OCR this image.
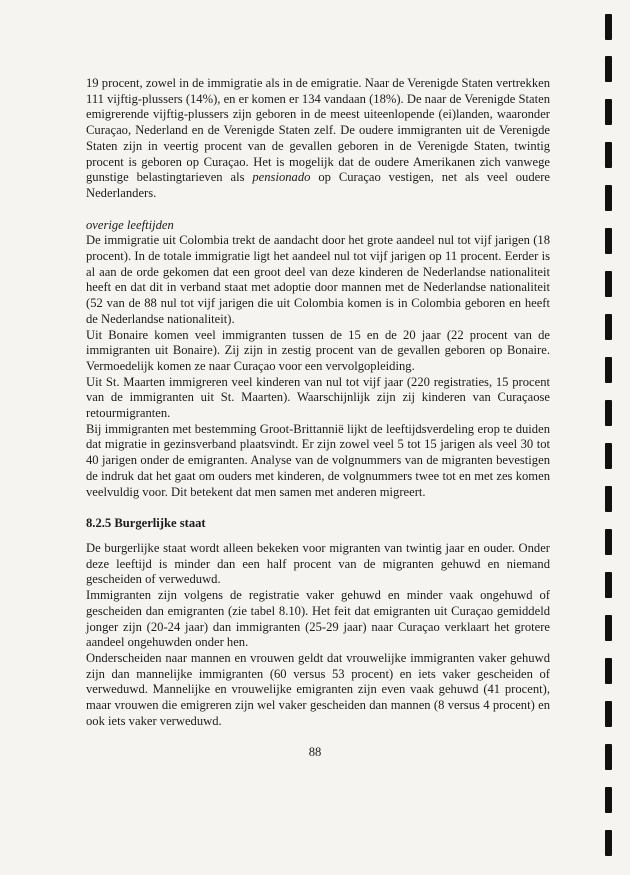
19 procent, zowel in de immigratie als in de emigratie. Naar de Verenigde Staten vertrekken 111 vijftig-plussers (14%), en er komen er 134 vandaan (18%). De naar de Verenigde Staten emigrerende vijftig-plussers zijn geboren in de meest uiteenlopende (ei)landen, waaronder Curaçao, Nederland en de Verenigde Staten zelf. De oudere immigranten uit de Verenigde Staten zijn in veertig procent van de gevallen geboren in de Verenigde Staten, twintig procent is geboren op Curaçao. Het is mogelijk dat de oudere Amerikanen zich vanwege gunstige belastingtarieven als pensionado op Curaçao vestigen, net als veel oudere Nederlanders.

overige leeftijden

De immigratie uit Colombia trekt de aandacht door het grote aandeel nul tot vijf jarigen (18 procent). In de totale immigratie ligt het aandeel nul tot vijf jarigen op 11 procent. Eerder is al aan de orde gekomen dat een groot deel van deze kinderen de Nederlandse nationaliteit heeft en dat dit in verband staat met adoptie door mannen met de Nederlandse nationaliteit (52 van de 88 nul tot vijf jarigen die uit Colombia komen is in Colombia geboren en heeft de Nederlandse nationaliteit).

Uit Bonaire komen veel immigranten tussen de 15 en de 20 jaar (22 procent van de immigranten uit Bonaire). Zij zijn in zestig procent van de gevallen geboren op Bonaire. Vermoedelijk komen ze naar Curaçao voor een vervolgopleiding.

Uit St. Maarten immigreren veel kinderen van nul tot vijf jaar (220 registraties, 15 procent van de immigranten uit St. Maarten). Waarschijnlijk zijn zij kinderen van Curaçaose retourmigranten.

Bij immigranten met bestemming Groot-Brittannië lijkt de leeftijdsverdeling erop te duiden dat migratie in gezinsverband plaatsvindt. Er zijn zowel veel 5 tot 15 jarigen als veel 30 tot 40 jarigen onder de emigranten. Analyse van de volgnummers van de migranten bevestigen de indruk dat het gaat om ouders met kinderen, de volgnummers twee tot en met zes komen veelvuldig voor. Dit betekent dat men samen met anderen migreert.

8.2.5 Burgerlijke staat

De burgerlijke staat wordt alleen bekeken voor migranten van twintig jaar en ouder. Onder deze leeftijd is minder dan een half procent van de migranten gehuwd en niemand gescheiden of verweduwd.

Immigranten zijn volgens de registratie vaker gehuwd en minder vaak ongehuwd of gescheiden dan emigranten (zie tabel 8.10). Het feit dat emigranten uit Curaçao gemiddeld jonger zijn (20-24 jaar) dan immigranten (25-29 jaar) naar Curaçao verklaart het grotere aandeel ongehuwden onder hen.

Onderscheiden naar mannen en vrouwen geldt dat vrouwelijke immigranten vaker gehuwd zijn dan mannelijke immigranten (60 versus 53 procent) en iets vaker gescheiden of verweduwd. Mannelijke en vrouwelijke emigranten zijn even vaak gehuwd (41 procent), maar vrouwen die emigreren zijn wel vaker gescheiden dan mannen (8 versus 4 procent) en ook iets vaker verweduwd.

88
